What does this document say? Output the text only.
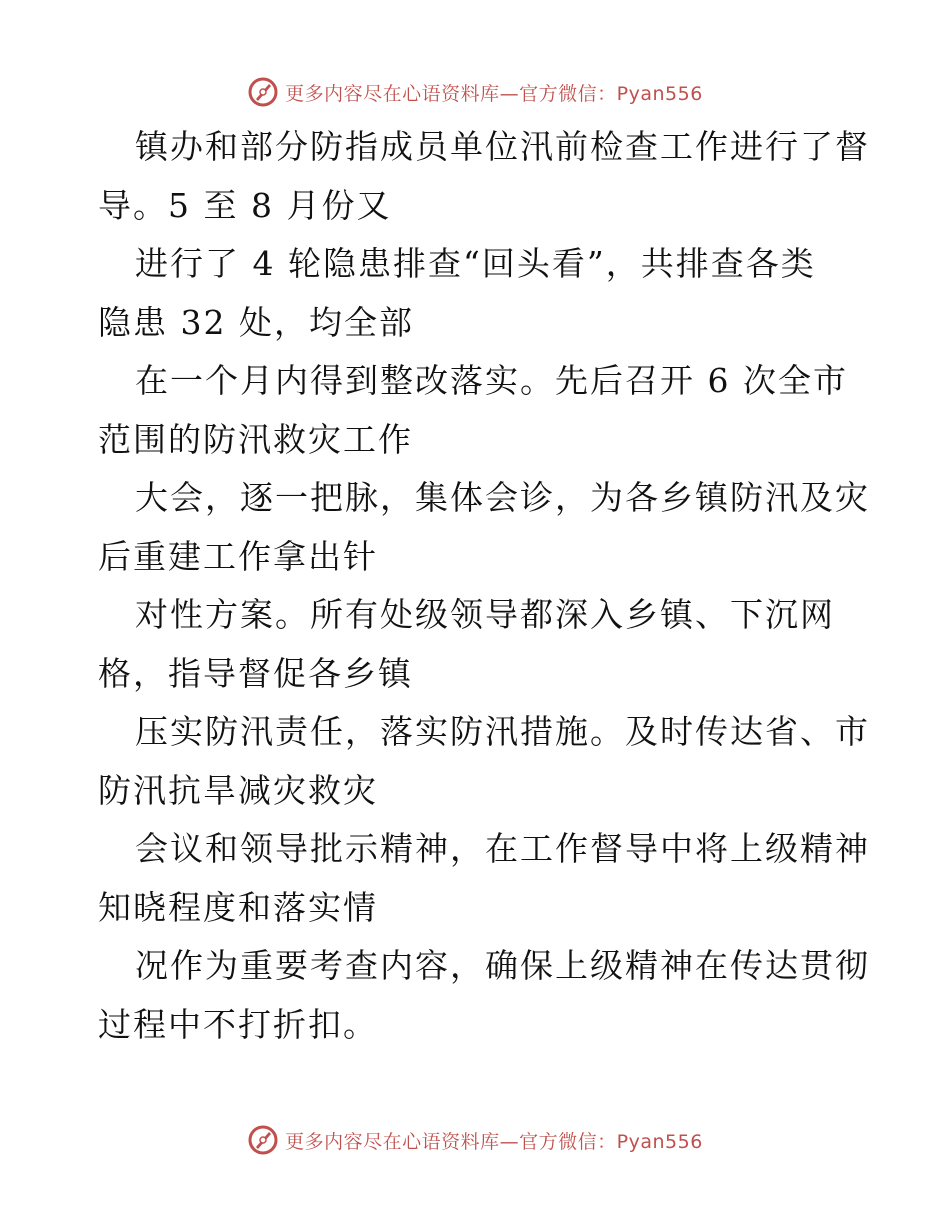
更多内容尽在心语资料库—官方微信：Pyan556

镇办和部分防指成员单位汛前检查工作进行了督
导。5 至 8 月份又

进行了 4 轮隐患排查“回头看”，共排查各类
隐患 32 处，均全部

在一个月内得到整改落实。先后召开 6 次全市
范围的防汛救灾工作

大会，逐一把脉，集体会诊，为各乡镇防汛及灾
后重建工作拿出针

对性方案。所有处级领导都深入乡镇、下沉网
格，指导督促各乡镇

压实防汛责任，落实防汛措施。及时传达省、市
防汛抗旱减灾救灾

会议和领导批示精神，在工作督导中将上级精神
知晓程度和落实情

况作为重要考查内容，确保上级精神在传达贯彻
过程中不打折扣。

更多内容尽在心语资料库—官方微信：Pyan556
